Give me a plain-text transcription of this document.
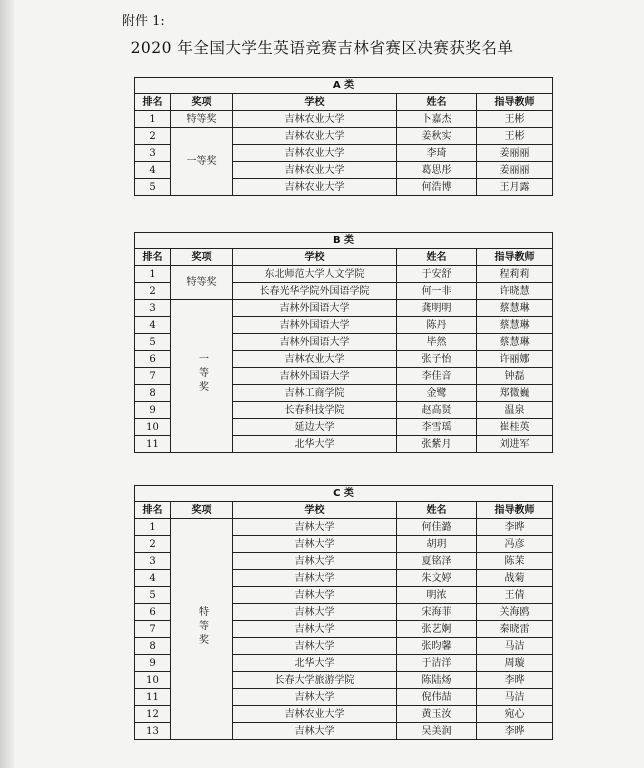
附件 1:
2020 年全国大学生英语竞赛吉林省赛区决赛获奖名单
A 类				
排名	奖项	学校	姓名	指导教师
1	特等奖	吉林农业大学	卜嘉杰	王彬
2	一等奖	吉林农业大学	姜秋实	王彬
3		吉林农业大学	李琦	姜丽丽
4		吉林农业大学	葛思彤	姜丽丽
5		吉林农业大学	何浩博	王月露
B 类				
排名	奖项	学校	姓名	指导教师
1	特等奖	东北师范大学人文学院	于安舒	程莉莉
2		长春光华学院外国语学院	何一非	许晓慧
3	一等奖	吉林外国语大学	龚明明	蔡慧琳
4		吉林外国语大学	陈丹	蔡慧琳
5		吉林外国语大学	毕然	蔡慧琳
6		吉林农业大学	张子怡	许丽娜
7		吉林外国语大学	李佳音	钟磊
8		吉林工商学院	金鹭	郑微巍
9		长春科技学院	赵高贤	温泉
10		延边大学	李雪瑶	崔桂英
11		北华大学	张紫月	刘进军
C 类				
排名	奖项	学校	姓名	指导教师
1	特等奖	吉林大学	何佳潞	李晔
2		吉林大学	胡玥	冯彦
3		吉林大学	夏铭泽	陈茉
4		吉林大学	朱文婷	战菊
5		吉林大学	明浓	王倩
6		吉林大学	宋海菲	关海鸥
7		吉林大学	张艺婀	秦晓雷
8		吉林大学	张昀馨	马洁
9		北华大学	于洁洋	周璇
10		长春大学旅游学院	陈陆炀	李晔
11		吉林大学	倪伟喆	马洁
12		吉林农业大学	黄玉汝	宛心
13		吉林大学	吴美润	李晔
